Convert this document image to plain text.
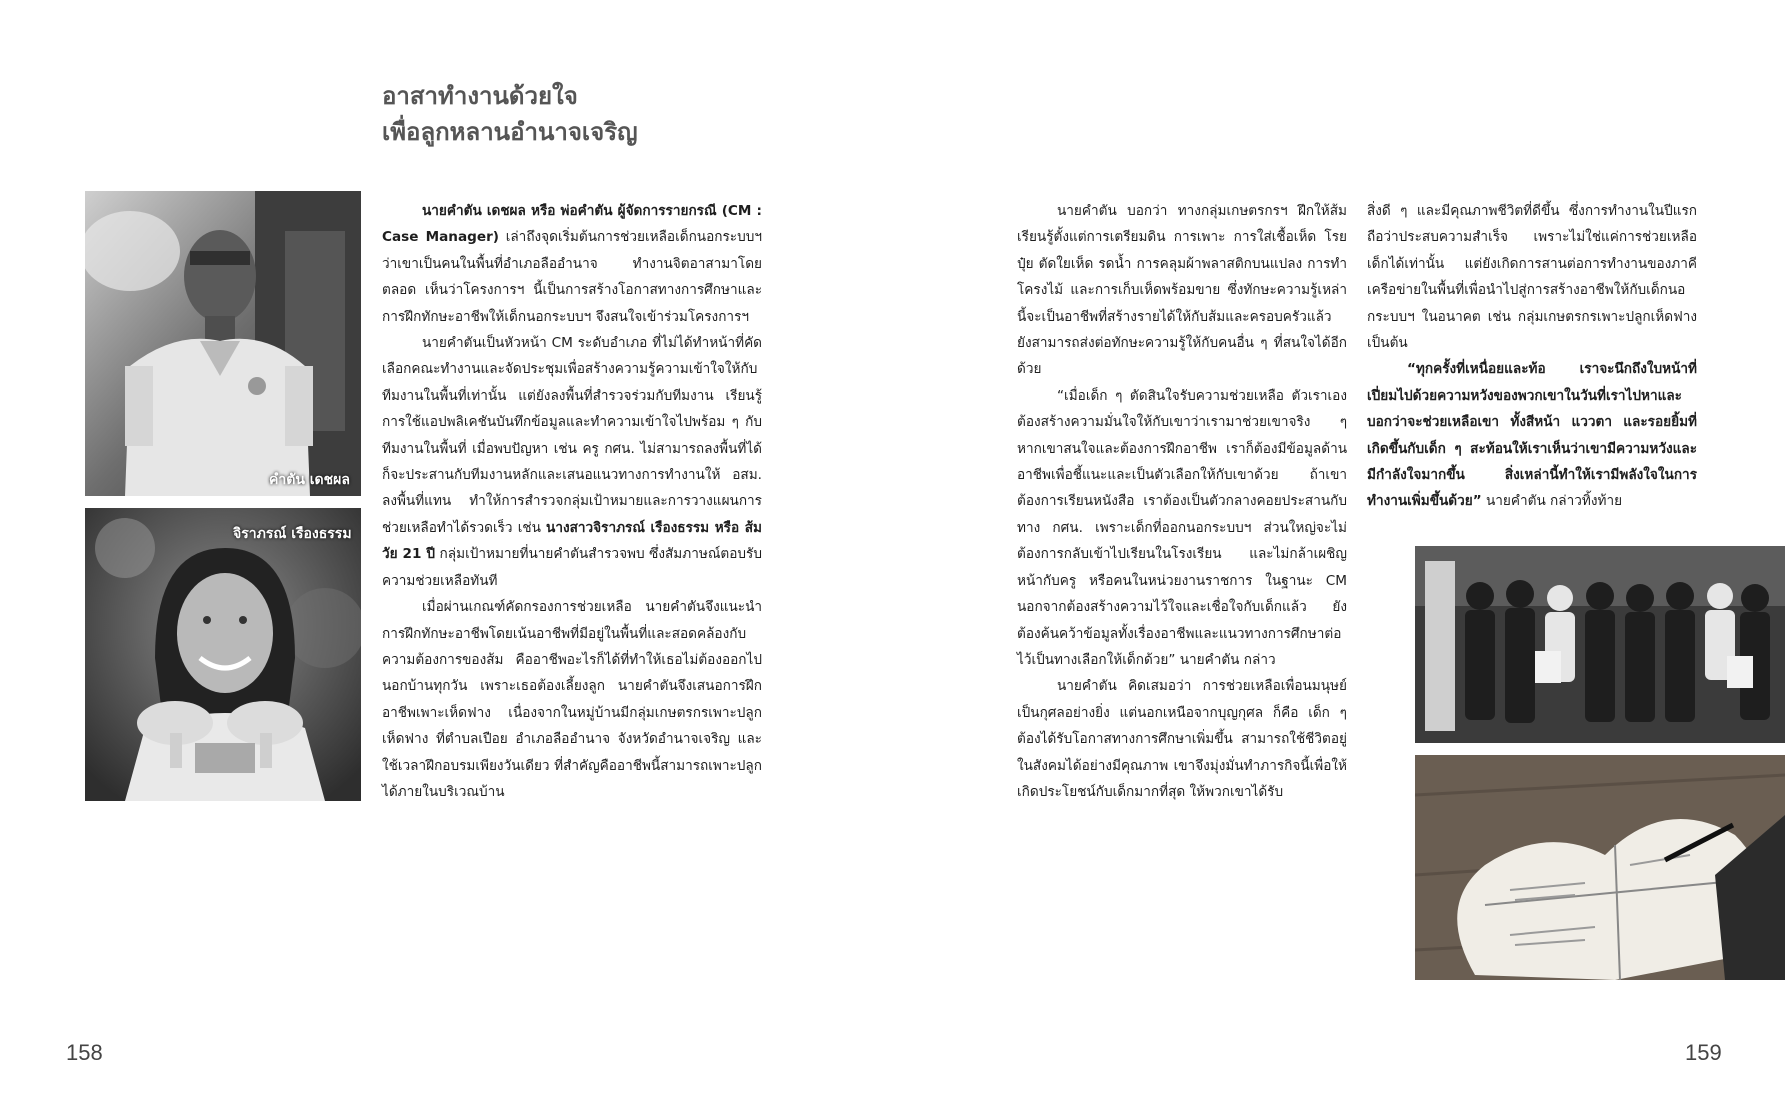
อาสาทำงานด้วยใจ
เพื่อลูกหลานอำนาจเจริญ
คำตัน เดชผล
จิราภรณ์ เรืองธรรม

นายคำตัน เดชผล หรือ พ่อคำตัน ผู้จัดการรายกรณี (CM : Case Manager) เล่าถึงจุดเริ่มต้นการช่วยเหลือเด็กนอกระบบฯ ว่าเขาเป็นคนในพื้นที่อำเภอลืออำนาจ ทำงานจิตอาสามาโดยตลอด เห็นว่าโครงการฯ นี้เป็นการสร้างโอกาสทางการศึกษาและการฝึกทักษะอาชีพให้เด็กนอกระบบฯ จึงสนใจเข้าร่วมโครงการฯ

นายคำตันเป็นหัวหน้า CM ระดับอำเภอ ที่ไม่ได้ทำหน้าที่คัดเลือกคณะทำงานและจัดประชุมเพื่อสร้างความรู้ความเข้าใจให้กับทีมงานในพื้นที่เท่านั้น แต่ยังลงพื้นที่สำรวจร่วมกับทีมงาน เรียนรู้การใช้แอปพลิเคชันบันทึกข้อมูลและทำความเข้าใจไปพร้อม ๆ กับทีมงานในพื้นที่ เมื่อพบปัญหา เช่น ครู กศน. ไม่สามารถลงพื้นที่ได้ ก็จะประสานกับทีมงานหลักและเสนอแนวทางการทำงานให้ อสม. ลงพื้นที่แทน ทำให้การสำรวจกลุ่มเป้าหมายและการวางแผนการช่วยเหลือทำได้รวดเร็ว เช่น นางสาวจิราภรณ์ เรืองธรรม หรือ ส้ม วัย 21 ปี กลุ่มเป้าหมายที่นายคำตันสำรวจพบ ซึ่งสัมภาษณ์ตอบรับความช่วยเหลือทันที

เมื่อผ่านเกณฑ์คัดกรองการช่วยเหลือ นายคำตันจึงแนะนำการฝึกทักษะอาชีพโดยเน้นอาชีพที่มีอยู่ในพื้นที่และสอดคล้องกับความต้องการของส้ม คืออาชีพอะไรก็ได้ที่ทำให้เธอไม่ต้องออกไปนอกบ้านทุกวัน เพราะเธอต้องเลี้ยงลูก นายคำตันจึงเสนอการฝึกอาชีพเพาะเห็ดฟาง เนื่องจากในหมู่บ้านมีกลุ่มเกษตรกรเพาะปลูกเห็ดฟาง ที่ตำบลเปือย อำเภอลืออำนาจ จังหวัดอำนาจเจริญ และใช้เวลาฝึกอบรมเพียงวันเดียว ที่สำคัญคืออาชีพนี้สามารถเพาะปลูกได้ภายในบริเวณบ้าน

นายคำตัน บอกว่า ทางกลุ่มเกษตรกรฯ ฝึกให้ส้มเรียนรู้ตั้งแต่การเตรียมดิน การเพาะ การใส่เชื้อเห็ด โรยปุ๋ย ตัดใยเห็ด รดน้ำ การคลุมผ้าพลาสติกบนแปลง การทำโครงไม้ และการเก็บเห็ดพร้อมขาย ซึ่งทักษะความรู้เหล่านี้จะเป็นอาชีพที่สร้างรายได้ให้กับส้มและครอบครัวแล้ว ยังสามารถส่งต่อทักษะความรู้ให้กับคนอื่น ๆ ที่สนใจได้อีกด้วย

“เมื่อเด็ก ๆ ตัดสินใจรับความช่วยเหลือ ตัวเราเองต้องสร้างความมั่นใจให้กับเขาว่าเรามาช่วยเขาจริง ๆ หากเขาสนใจและต้องการฝึกอาชีพ เราก็ต้องมีข้อมูลด้านอาชีพเพื่อชี้แนะและเป็นตัวเลือกให้กับเขาด้วย ถ้าเขาต้องการเรียนหนังสือ เราต้องเป็นตัวกลางคอยประสานกับทาง กศน. เพราะเด็กที่ออกนอกระบบฯ ส่วนใหญ่จะไม่ต้องการกลับเข้าไปเรียนในโรงเรียน และไม่กล้าเผชิญหน้ากับครู หรือคนในหน่วยงานราชการ ในฐานะ CM นอกจากต้องสร้างความไว้ใจและเชื่อใจกับเด็กแล้ว ยังต้องค้นคว้าข้อมูลทั้งเรื่องอาชีพและแนวทางการศึกษาต่อไว้เป็นทางเลือกให้เด็กด้วย” นายคำตัน กล่าว

นายคำตัน คิดเสมอว่า การช่วยเหลือเพื่อนมนุษย์เป็นกุศลอย่างยิ่ง แต่นอกเหนือจากบุญกุศล ก็คือ เด็ก ๆ ต้องได้รับโอกาสทางการศึกษาเพิ่มขึ้น สามารถใช้ชีวิตอยู่ในสังคมได้อย่างมีคุณภาพ เขาจึงมุ่งมั่นทำภารกิจนี้เพื่อให้เกิดประโยชน์กับเด็กมากที่สุด ให้พวกเขาได้รับ

สิ่งดี ๆ และมีคุณภาพชีวิตที่ดีขึ้น ซึ่งการทำงานในปีแรกถือว่าประสบความสำเร็จ เพราะไม่ใช่แค่การช่วยเหลือเด็กได้เท่านั้น แต่ยังเกิดการสานต่อการทำงานของภาคีเครือข่ายในพื้นที่เพื่อนำไปสู่การสร้างอาชีพให้กับเด็กนอกระบบฯ ในอนาคต เช่น กลุ่มเกษตรกรเพาะปลูกเห็ดฟาง เป็นต้น

“ทุกครั้งที่เหนื่อยและท้อ เราจะนึกถึงใบหน้าที่เปี่ยมไปด้วยความหวังของพวกเขาในวันที่เราไปหาและบอกว่าจะช่วยเหลือเขา ทั้งสีหน้า แววตา และรอยยิ้มที่เกิดขึ้นกับเด็ก ๆ สะท้อนให้เราเห็นว่าเขามีความหวังและมีกำลังใจมากขึ้น สิ่งเหล่านี้ทำให้เรามีพลังใจในการทำงานเพิ่มขึ้นด้วย” นายคำตัน กล่าวทิ้งท้าย

158	159
